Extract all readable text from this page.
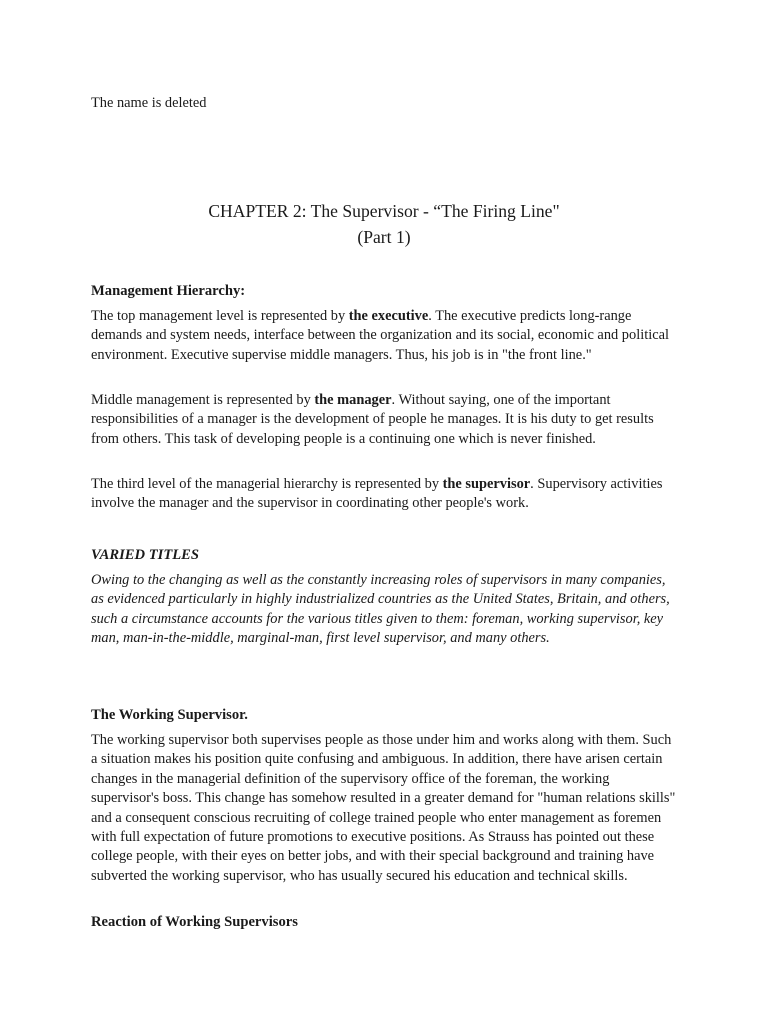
The name is deleted

CHAPTER 2: The Supervisor - “The Firing Line"
(Part 1)
Management Hierarchy:

The top management level is represented by the executive. The executive predicts long-range demands and system needs, interface between the organization and its social, economic and political environment. Executive supervise middle managers. Thus, his job is in "the front line."

Middle management is represented by the manager. Without saying, one of the important responsibilities of a manager is the development of people he manages. It is his duty to get results from others. This task of developing people is a continuing one which is never finished.

The third level of the managerial hierarchy is represented by the supervisor. Supervisory activities involve the manager and the supervisor in coordinating other people's work.

VARIED TITLES

Owing to the changing as well as the constantly increasing roles of supervisors in many companies, as evidenced particularly in highly industrialized countries as the United States, Britain, and others, such a circumstance accounts for the various titles given to them: foreman, working supervisor, key man, man-in-the-middle, marginal-man, first level supervisor, and many others.

The Working Supervisor.

The working supervisor both supervises people as those under him and works along with them. Such a situation makes his position quite confusing and ambiguous. In addition, there have arisen certain changes in the managerial definition of the supervisory office of the foreman, the working supervisor's boss. This change has somehow resulted in a greater demand for "human relations skills" and a consequent conscious recruiting of college trained people who enter management as foremen with full expectation of future promotions to executive positions. As Strauss has pointed out these college people, with their eyes on better jobs, and with their special background and training have subverted the working supervisor, who has usually secured his education and technical skills.

Reaction of Working Supervisors
